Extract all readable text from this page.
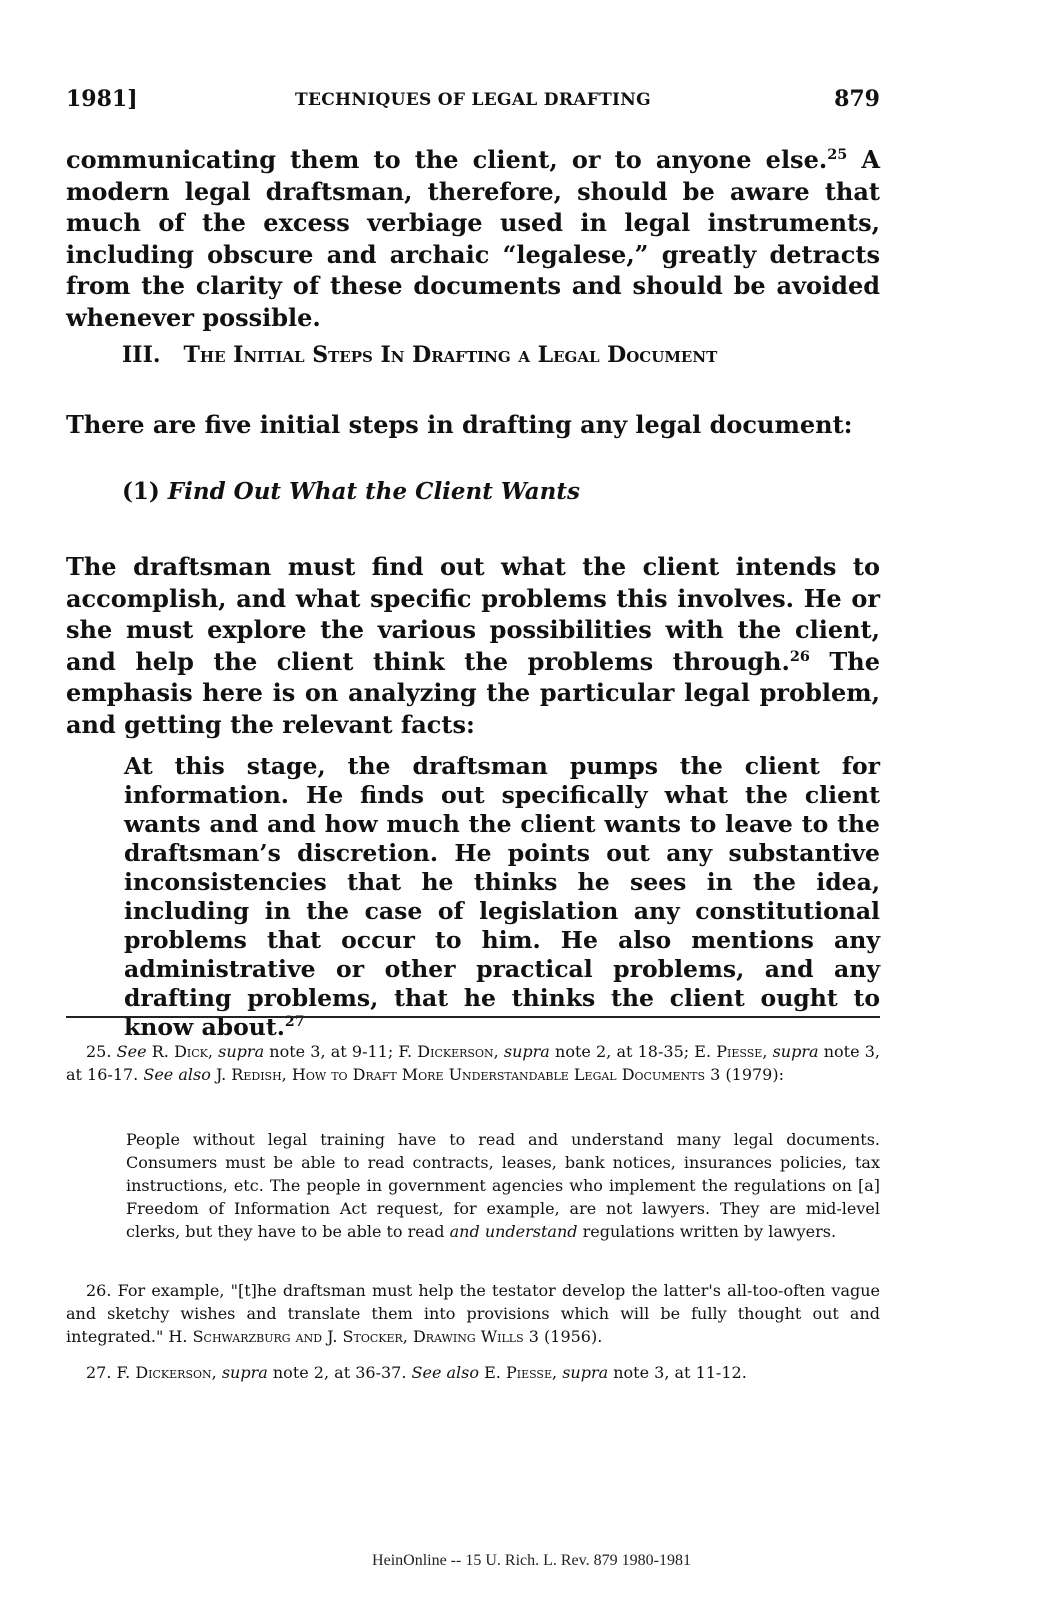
1981]	TECHNIQUES OF LEGAL DRAFTING	879
communicating them to the client, or to anyone else.$^{25}$ A modern legal draftsman, therefore, should be aware that much of the excess verbiage used in legal instruments, including obscure and archaic “legalese,” greatly detracts from the clarity of these documents and should be avoided whenever possible.
III. The Initial Steps In Drafting a Legal Document
There are five initial steps in drafting any legal document:
(1) Find Out What the Client Wants
The draftsman must find out what the client intends to accomplish, and what specific problems this involves. He or she must explore the various possibilities with the client, and help the client think the problems through.$^{26}$ The emphasis here is on analyzing the particular legal problem, and getting the relevant facts:
At this stage, the draftsman pumps the client for information. He finds out specifically what the client wants and and how much the client wants to leave to the draftsman’s discretion. He points out any substantive inconsistencies that he thinks he sees in the idea, including in the case of legislation any constitutional problems that occur to him. He also mentions any administrative or other practical problems, and any drafting problems, that he thinks the client ought to know about.$^{27}$
25. See R. Dick, supra note 3, at 9-11; F. Dickerson, supra note 2, at 18-35; E. Piesse, supra note 3, at 16-17. See also J. Redish, How to Draft More Understandable Legal Documents 3 (1979):
People without legal training have to read and understand many legal documents. Consumers must be able to read contracts, leases, bank notices, insurances policies, tax instructions, etc. The people in government agencies who implement the regulations on [a] Freedom of Information Act request, for example, are not lawyers. They are mid-level clerks, but they have to be able to read and understand regulations written by lawyers.
26. For example, "[t]he draftsman must help the testator develop the latter's all-too-often vague and sketchy wishes and translate them into provisions which will be fully thought out and integrated." H. Schwarzburg and J. Stocker, Drawing Wills 3 (1956).
27. F. Dickerson, supra note 2, at 36-37. See also E. Piesse, supra note 3, at 11-12.
HeinOnline -- 15 U. Rich. L. Rev. 879 1980-1981
